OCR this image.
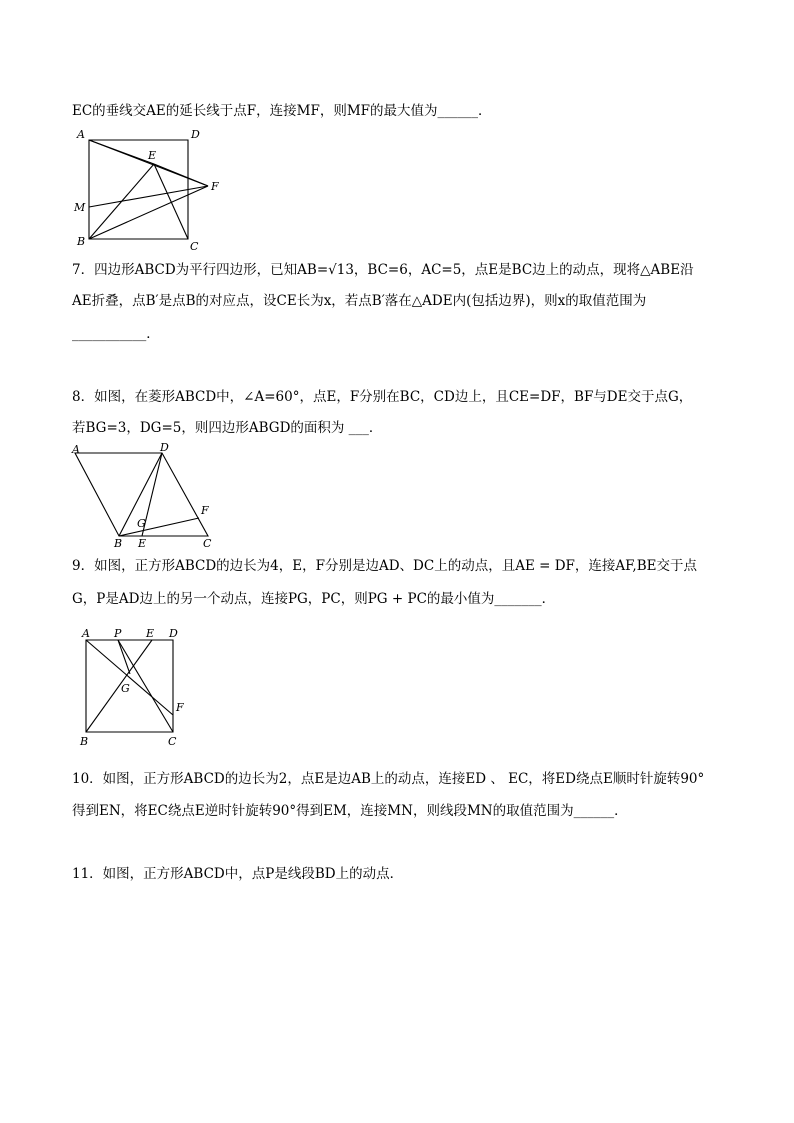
EC的垂线交AE的延长线于点F，连接MF，则MF的最大值为______．
A	D
E
F
M
B	C
7．四边形ABCD为平行四边形，已知AB=√13，BC=6，AC=5，点E是BC边上的动点，现将△ABE沿
AE折叠，点B′是点B的对应点，设CE长为x，若点B′落在△ADE内(包括边界)，则x的取值范围为
___________．
8．如图，在菱形ABCD中，∠A=60°，点E，F分别在BC，CD边上，且CE=DF，BF与DE交于点G，
若BG=3，DG=5，则四边形ABGD的面积为 ___．
A	D
F
G
B E	C
9．如图，正方形ABCD的边长为4，E，F分别是边AD、DC上的动点，且AE = DF，连接AF,BE交于点
G，P是AD边上的另一个动点，连接PG，PC，则PG + PC的最小值为_______．
A P E D
G
F
B	C
10．如图，正方形ABCD的边长为2，点E是边AB上的动点，连接ED 、 EC，将ED绕点E顺时针旋转90°
得到EN，将EC绕点E逆时针旋转90°得到EM，连接MN，则线段MN的取值范围为______．
11．如图，正方形ABCD中，点P是线段BD上的动点．
